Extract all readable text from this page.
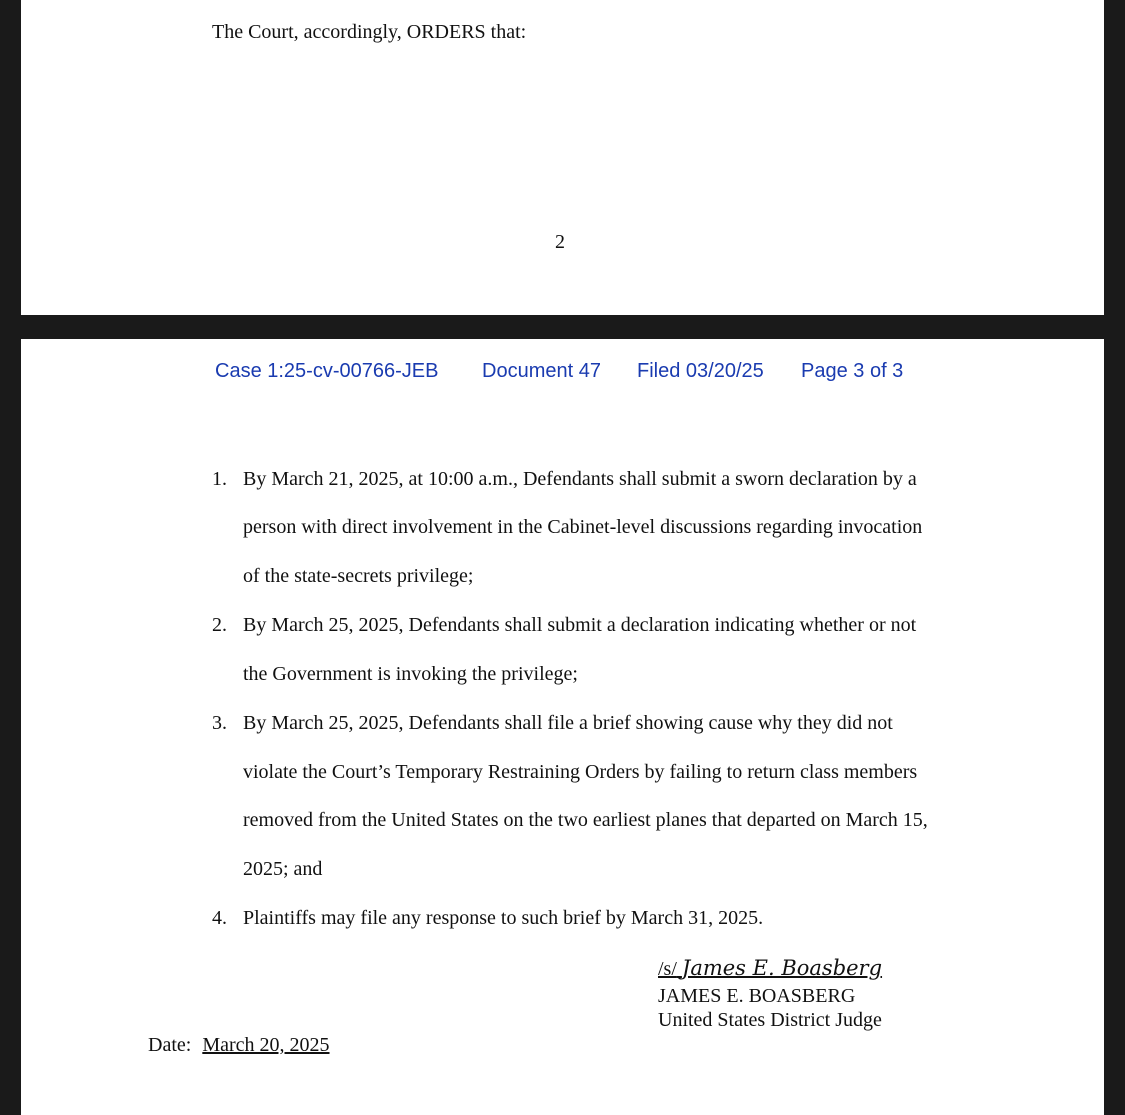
The Court, accordingly, ORDERS that:
2
Case 1:25-cv-00766-JEB Document 47 Filed 03/20/25 Page 3 of 3
1. By March 21, 2025, at 10:00 a.m., Defendants shall submit a sworn declaration by a
person with direct involvement in the Cabinet-level discussions regarding invocation
of the state-secrets privilege;
2. By March 25, 2025, Defendants shall submit a declaration indicating whether or not
the Government is invoking the privilege;
3. By March 25, 2025, Defendants shall file a brief showing cause why they did not
violate the Court’s Temporary Restraining Orders by failing to return class members
removed from the United States on the two earliest planes that departed on March 15,
2025; and
4. Plaintiffs may file any response to such brief by March 31, 2025.
/s/ James E. Boasberg
JAMES E. BOASBERG
United States District Judge
Date: March 20, 2025
